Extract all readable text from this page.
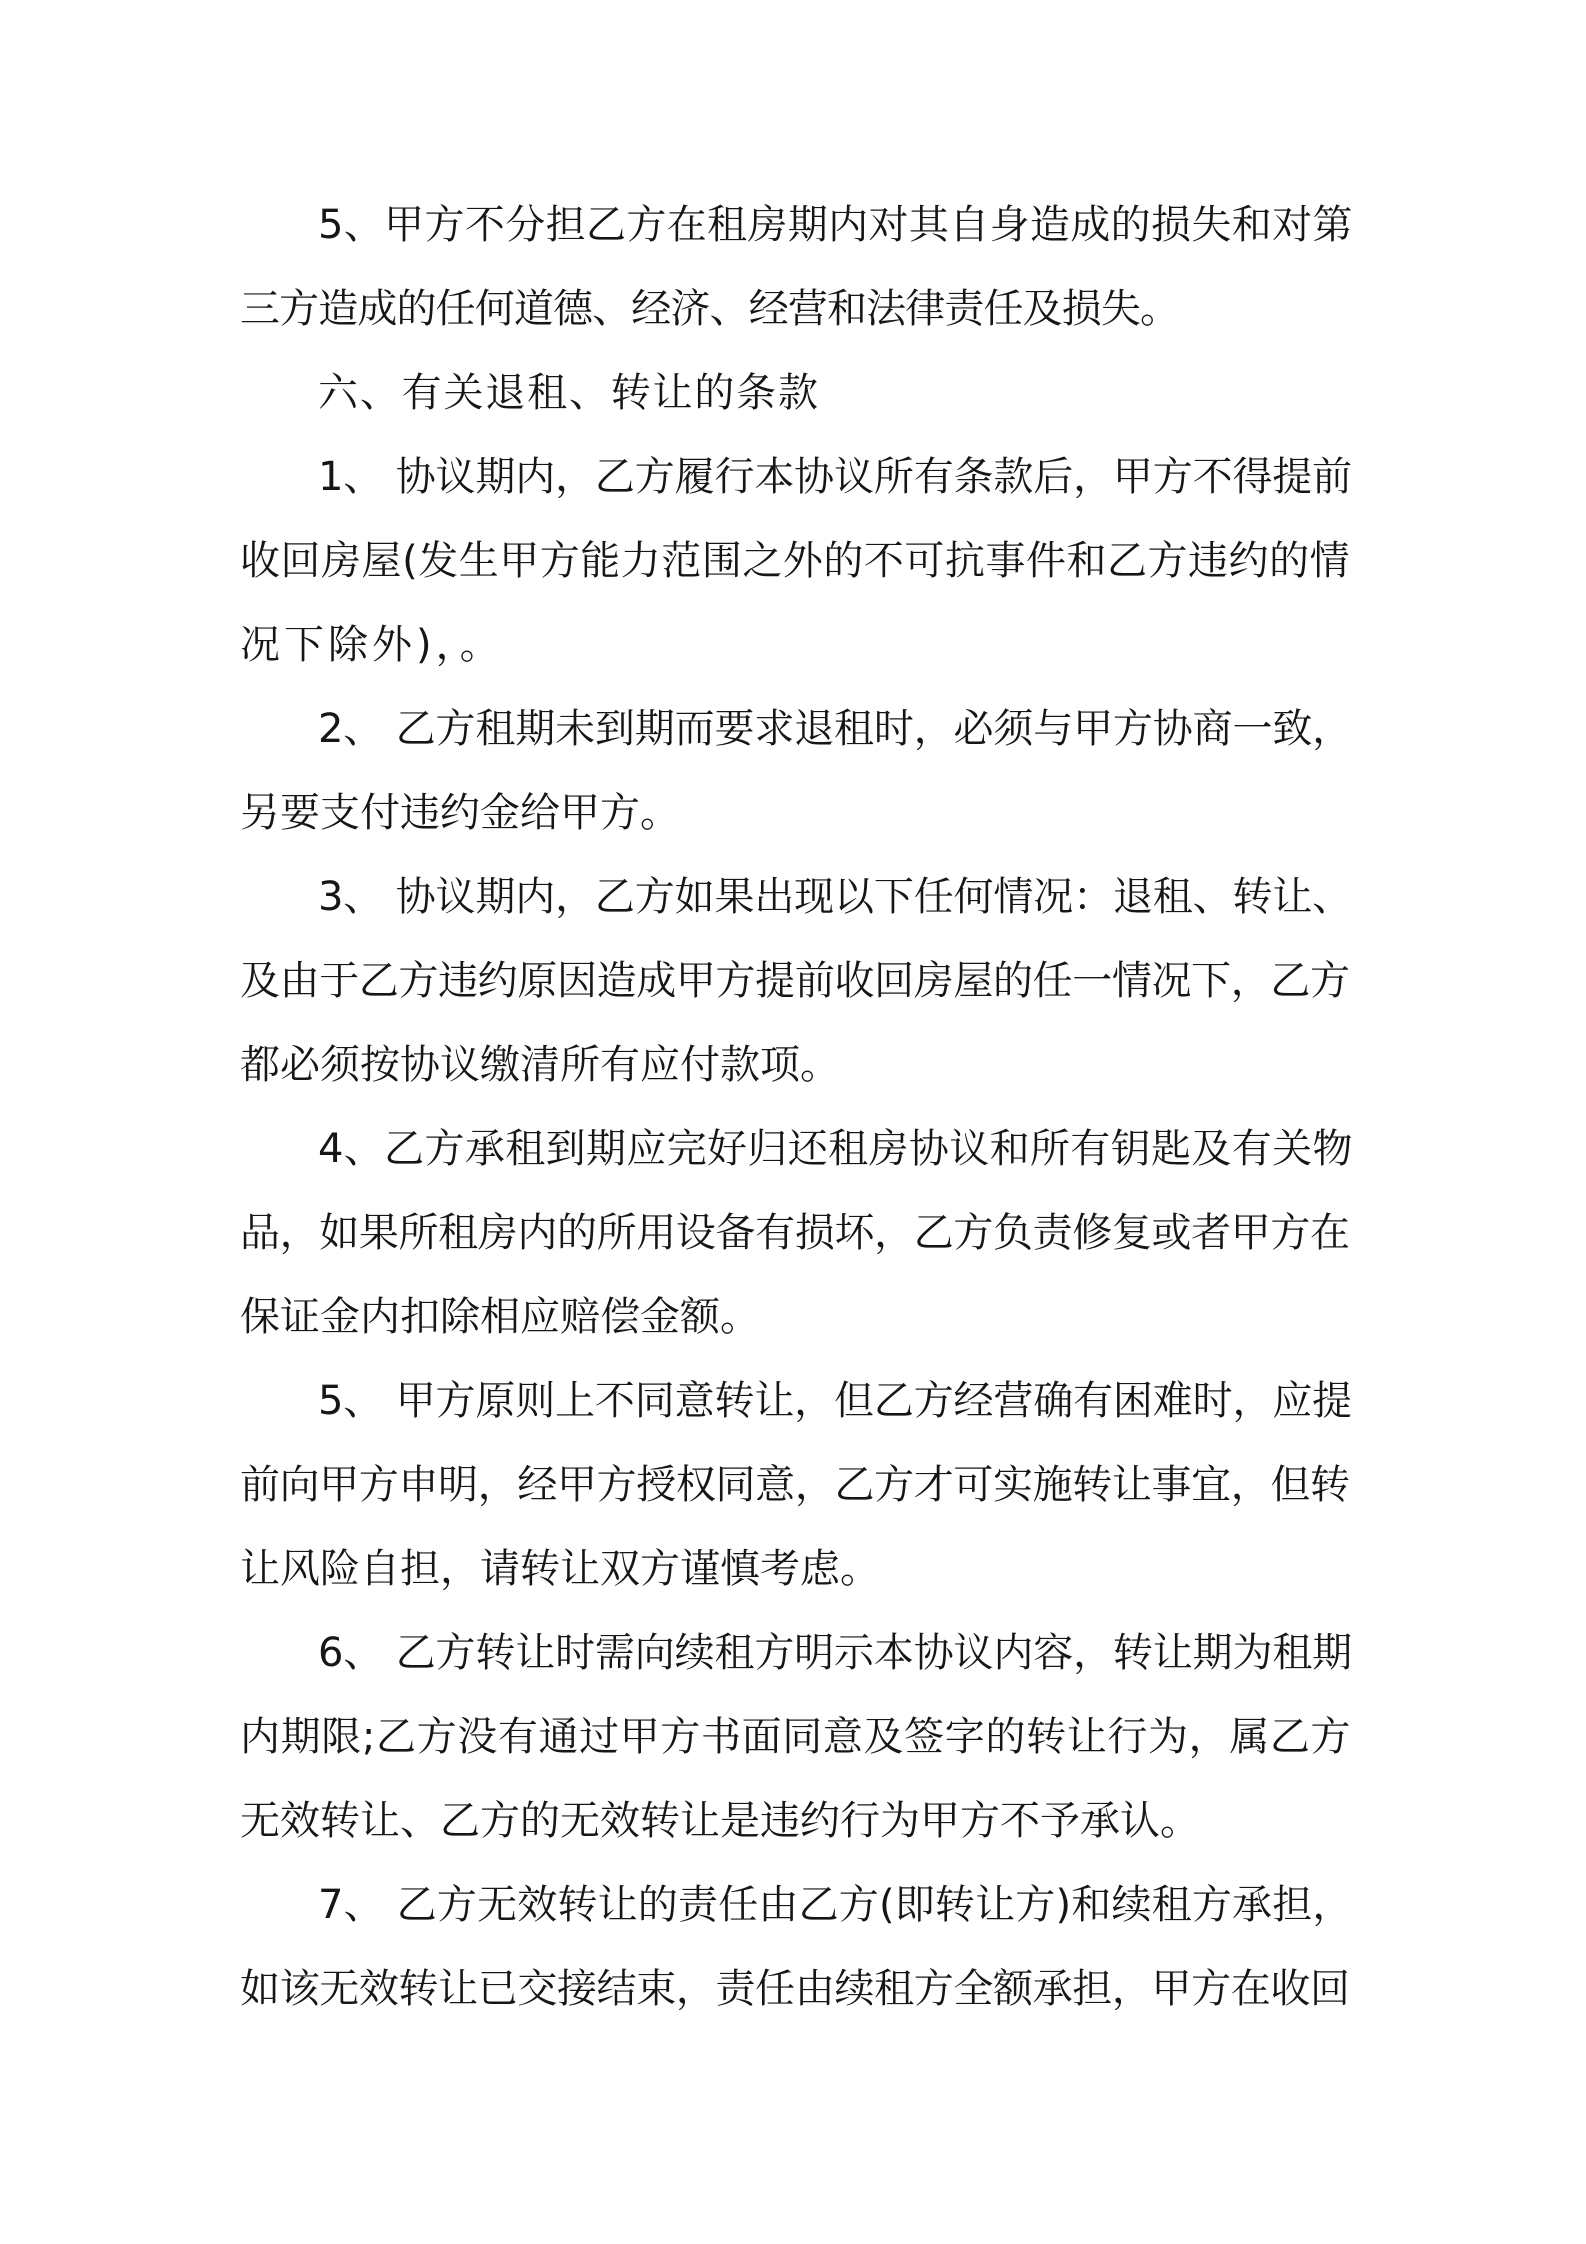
5、甲方不分担乙方在租房期内对其自身造成的损失和对第
三方造成的任何道德、经济、经营和法律责任及损失。
六、有关退租、转让的条款
1、 协议期内，乙方履行本协议所有条款后，甲方不得提前
收回房屋(发生甲方能力范围之外的不可抗事件和乙方违约的情
况下除外)，。
2、 乙方租期未到期而要求退租时，必须与甲方协商一致，
另要支付违约金给甲方。
3、 协议期内，乙方如果出现以下任何情况：退租、转让、
及由于乙方违约原因造成甲方提前收回房屋的任一情况下，乙方
都必须按协议缴清所有应付款项。
4、乙方承租到期应完好归还租房协议和所有钥匙及有关物
品，如果所租房内的所用设备有损坏，乙方负责修复或者甲方在
保证金内扣除相应赔偿金额。
5、 甲方原则上不同意转让，但乙方经营确有困难时，应提
前向甲方申明，经甲方授权同意，乙方才可实施转让事宜，但转
让风险自担，请转让双方谨慎考虑。
6、 乙方转让时需向续租方明示本协议内容，转让期为租期
内期限;乙方没有通过甲方书面同意及签字的转让行为，属乙方
无效转让、乙方的无效转让是违约行为甲方不予承认。
7、 乙方无效转让的责任由乙方(即转让方)和续租方承担，
如该无效转让已交接结束，责任由续租方全额承担，甲方在收回
